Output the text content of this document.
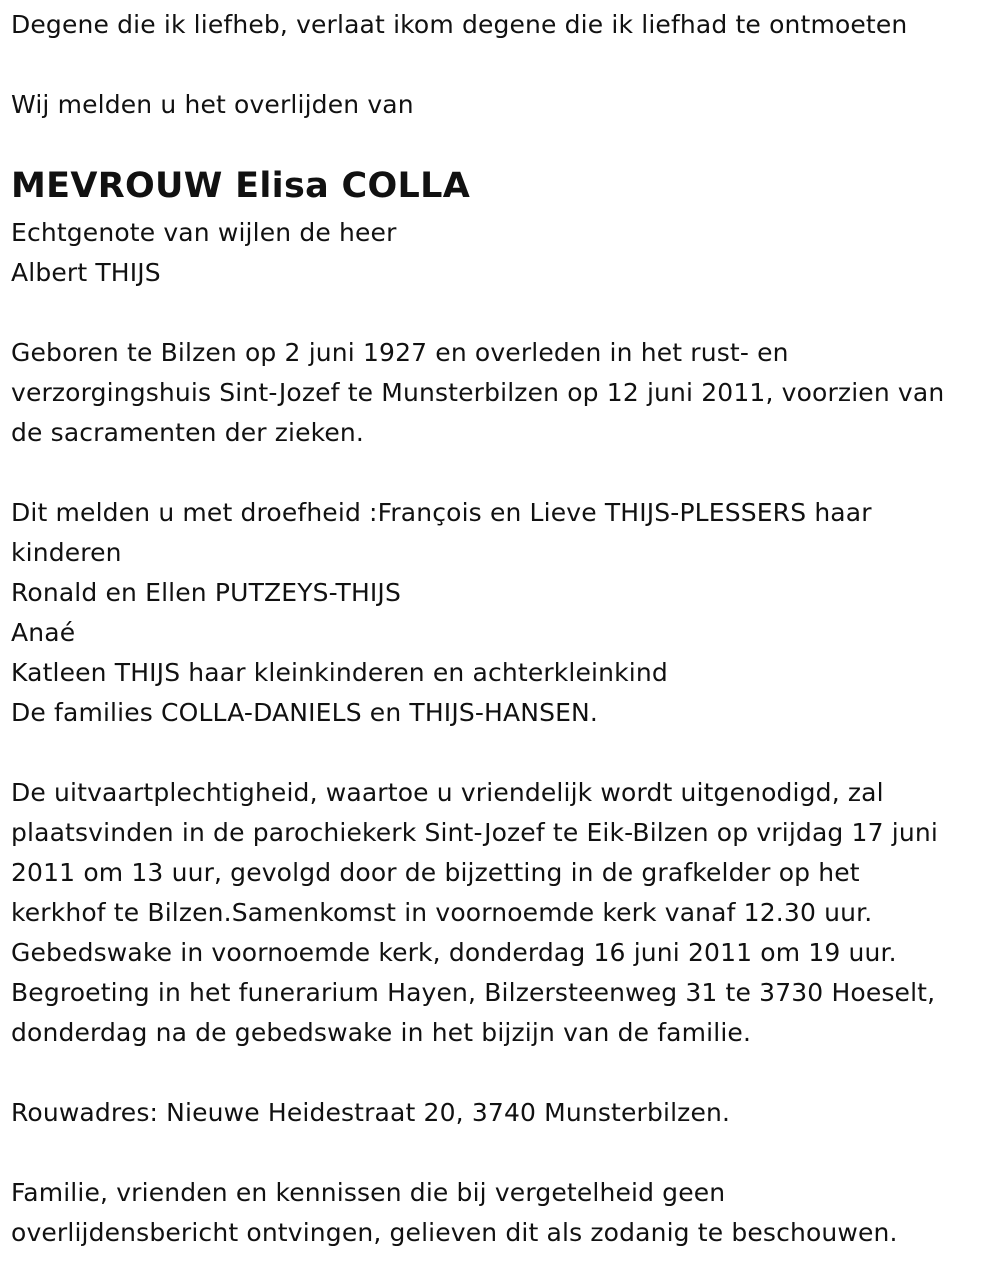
Degene die ik liefheb, verlaat ikom degene die ik liefhad te ontmoeten
Wij melden u het overlijden van
MEVROUW Elisa COLLA
Echtgenote van wijlen de heer
Albert THIJS
Geboren te Bilzen op 2 juni 1927 en overleden in het rust- en
verzorgingshuis Sint-Jozef te Munsterbilzen op 12 juni 2011, voorzien van
de sacramenten der zieken.
Dit melden u met droefheid :François en Lieve THIJS-PLESSERS haar
kinderen
Ronald en Ellen PUTZEYS-THIJS
Anaé
Katleen THIJS haar kleinkinderen en achterkleinkind
De families COLLA-DANIELS en THIJS-HANSEN.
De uitvaartplechtigheid, waartoe u vriendelijk wordt uitgenodigd, zal
plaatsvinden in de parochiekerk Sint-Jozef te Eik-Bilzen op vrijdag 17 juni
2011 om 13 uur, gevolgd door de bijzetting in de grafkelder op het
kerkhof te Bilzen.Samenkomst in voornoemde kerk vanaf 12.30 uur.
Gebedswake in voornoemde kerk, donderdag 16 juni 2011 om 19 uur.
Begroeting in het funerarium Hayen, Bilzersteenweg 31 te 3730 Hoeselt,
donderdag na de gebedswake in het bijzijn van de familie.
Rouwadres: Nieuwe Heidestraat 20, 3740 Munsterbilzen.
Familie, vrienden en kennissen die bij vergetelheid geen
overlijdensbericht ontvingen, gelieven dit als zodanig te beschouwen.
